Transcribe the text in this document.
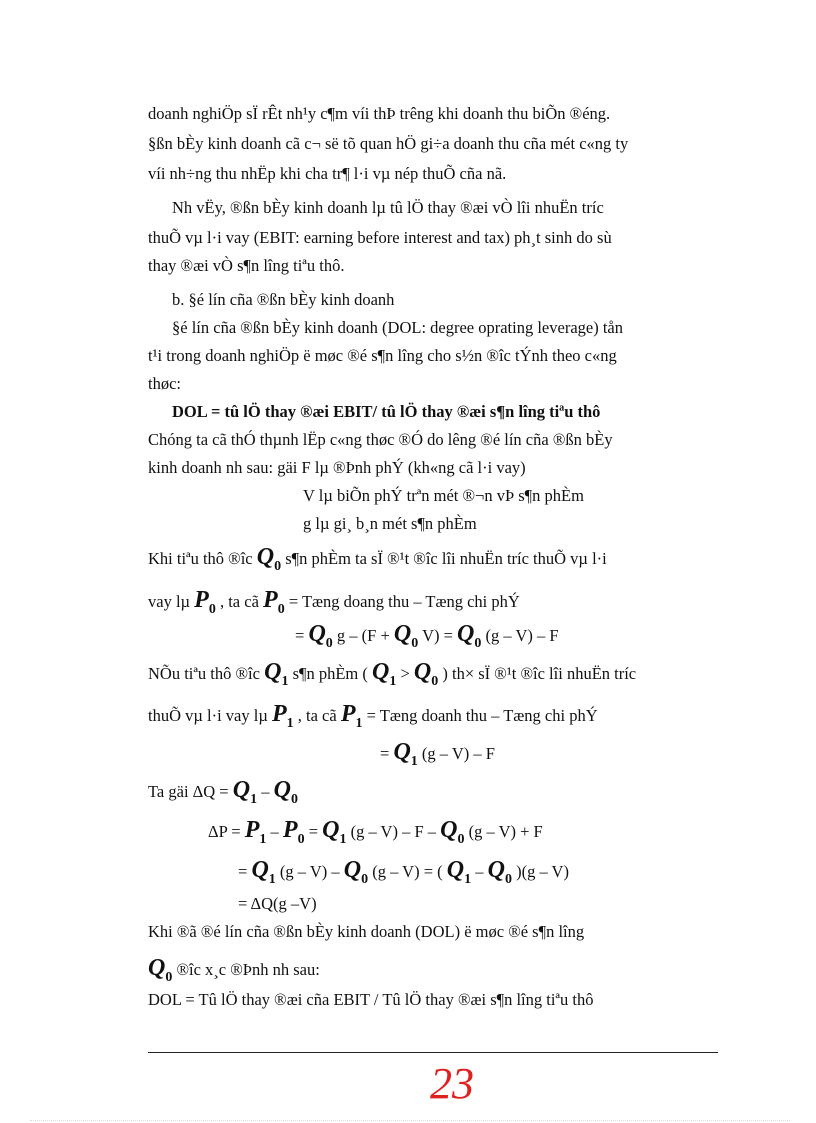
doanh nghiÖp sÏ rÊt nh¹y c¶m víi thÞ trêng khi doanh thu biÕn ®éng.
§ßn bÈy kinh doanh cã c¬ së tõ quan hÖ gi÷a doanh thu cña mét c«ng ty
víi nh÷ng thu nhËp khi cha tr¶ l·i vµ nép thuÕ cña nã.
Nh vËy, ®ßn bÈy kinh doanh lµ tû lÖ thay ®æi vÒ lîi nhuËn tríc
thuÕ vµ l·i vay (EBIT: earning before interest and tax) ph¸t sinh do sù
thay ®æi vÒ s¶n lîng tiªu thô.
b. §é lín cña ®ßn bÈy kinh doanh
§é lín cña ®ßn bÈy kinh doanh (DOL: degree oprating leverage) tån
t¹i trong doanh nghiÖp ë møc ®é s¶n lîng cho s½n ®îc tÝnh theo c«ng
thøc:
DOL = tû lÖ thay ®æi EBIT/ tû lÖ thay ®æi s¶n lîng tiªu thô
Chóng ta cã thÓ thµnh lËp c«ng thøc ®Ó do lêng ®é lín cña ®ßn bÈy
kinh doanh nh sau: gäi F lµ ®Þnh phÝ (kh«ng cã l·i vay)
V lµ biÕn phÝ trªn mét ®¬n vÞ s¶n phÈm
g lµ gi¸ b¸n mét s¶n phÈm
Khi tiªu thô ®îc $Q_0$ s¶n phÈm ta sÏ ®¹t ®îc lîi nhuËn tríc thuÕ vµ l·i
vay lµ $P_0$ , ta cã $P_0$ = Tæng doang thu – Tæng chi phÝ
= $Q_0$ $g - (F + Q_0$ $V) = Q_0$ (g – V) – F
NÕu tiªu thô ®îc $Q_1$ s¶n phÈm ( $Q_1 > Q_0$ ) th× sÏ ®¹t ®îc lîi nhuËn tríc
thuÕ vµ l·i vay lµ $P_1$ , ta cã $P_1$ = Tæng doanh thu – Tæng chi phÝ
= $Q_1$ (g – V) – F
Ta gäi $\Delta Q = Q_1 - Q_0$
$\Delta P = P_1 - P_0 = Q_1$ (g – V) – F – $Q_0$ (g – V) + F
= $Q_1$ $(g - V) - Q_0$ (g – V) = ( $Q_1 - Q_0$ )(g – V)
= ΔQ(g –V)
Khi ®ã ®é lín cña ®ßn bÈy kinh doanh (DOL) ë møc ®é s¶n lîng
$Q_0$ ®îc x¸c ®Þnh nh sau:
DOL = Tû lÖ thay ®æi cña EBIT / Tû lÖ thay ®æi s¶n lîng tiªu thô
23
